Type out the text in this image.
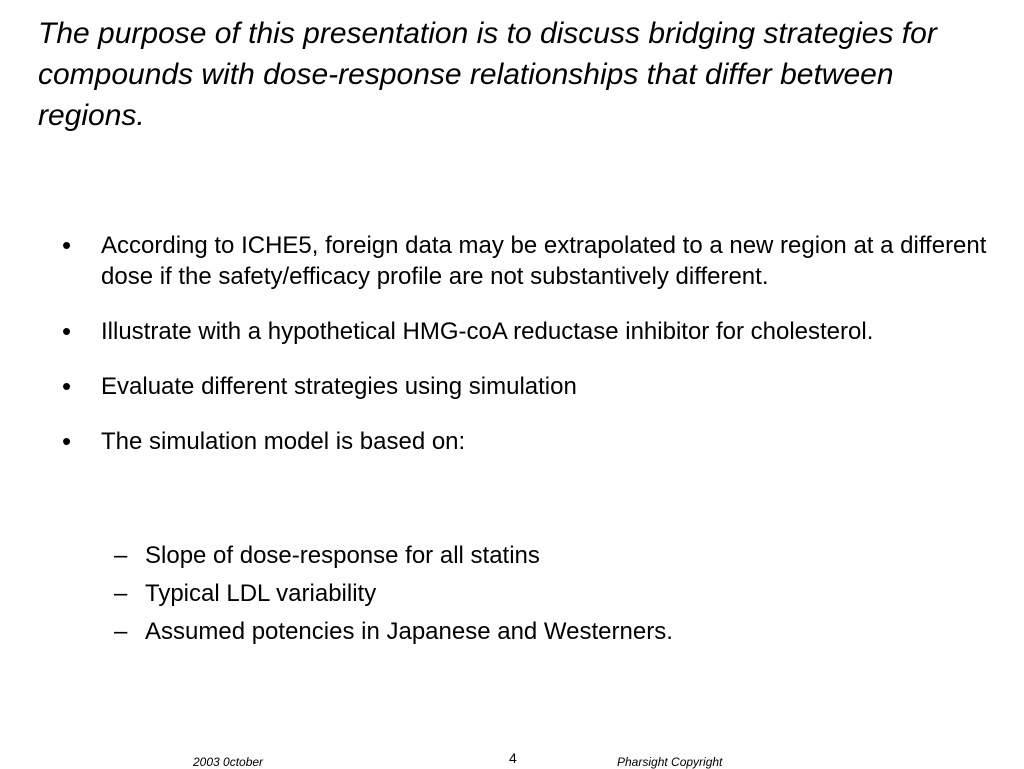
The purpose of this presentation is to discuss bridging strategies for compounds with dose-response relationships that differ between regions.
• According to ICHE5, foreign data may be extrapolated to a new region at a different dose if the safety/efficacy profile are not substantively different.
• Illustrate with a hypothetical HMG-coA reductase inhibitor for cholesterol.
• Evaluate different strategies using simulation
• The simulation model is based on:
– Slope of dose-response for all statins
– Typical LDL variability
– Assumed potencies in Japanese and Westerners.
2003 0ctober	4	Pharsight Copyright
